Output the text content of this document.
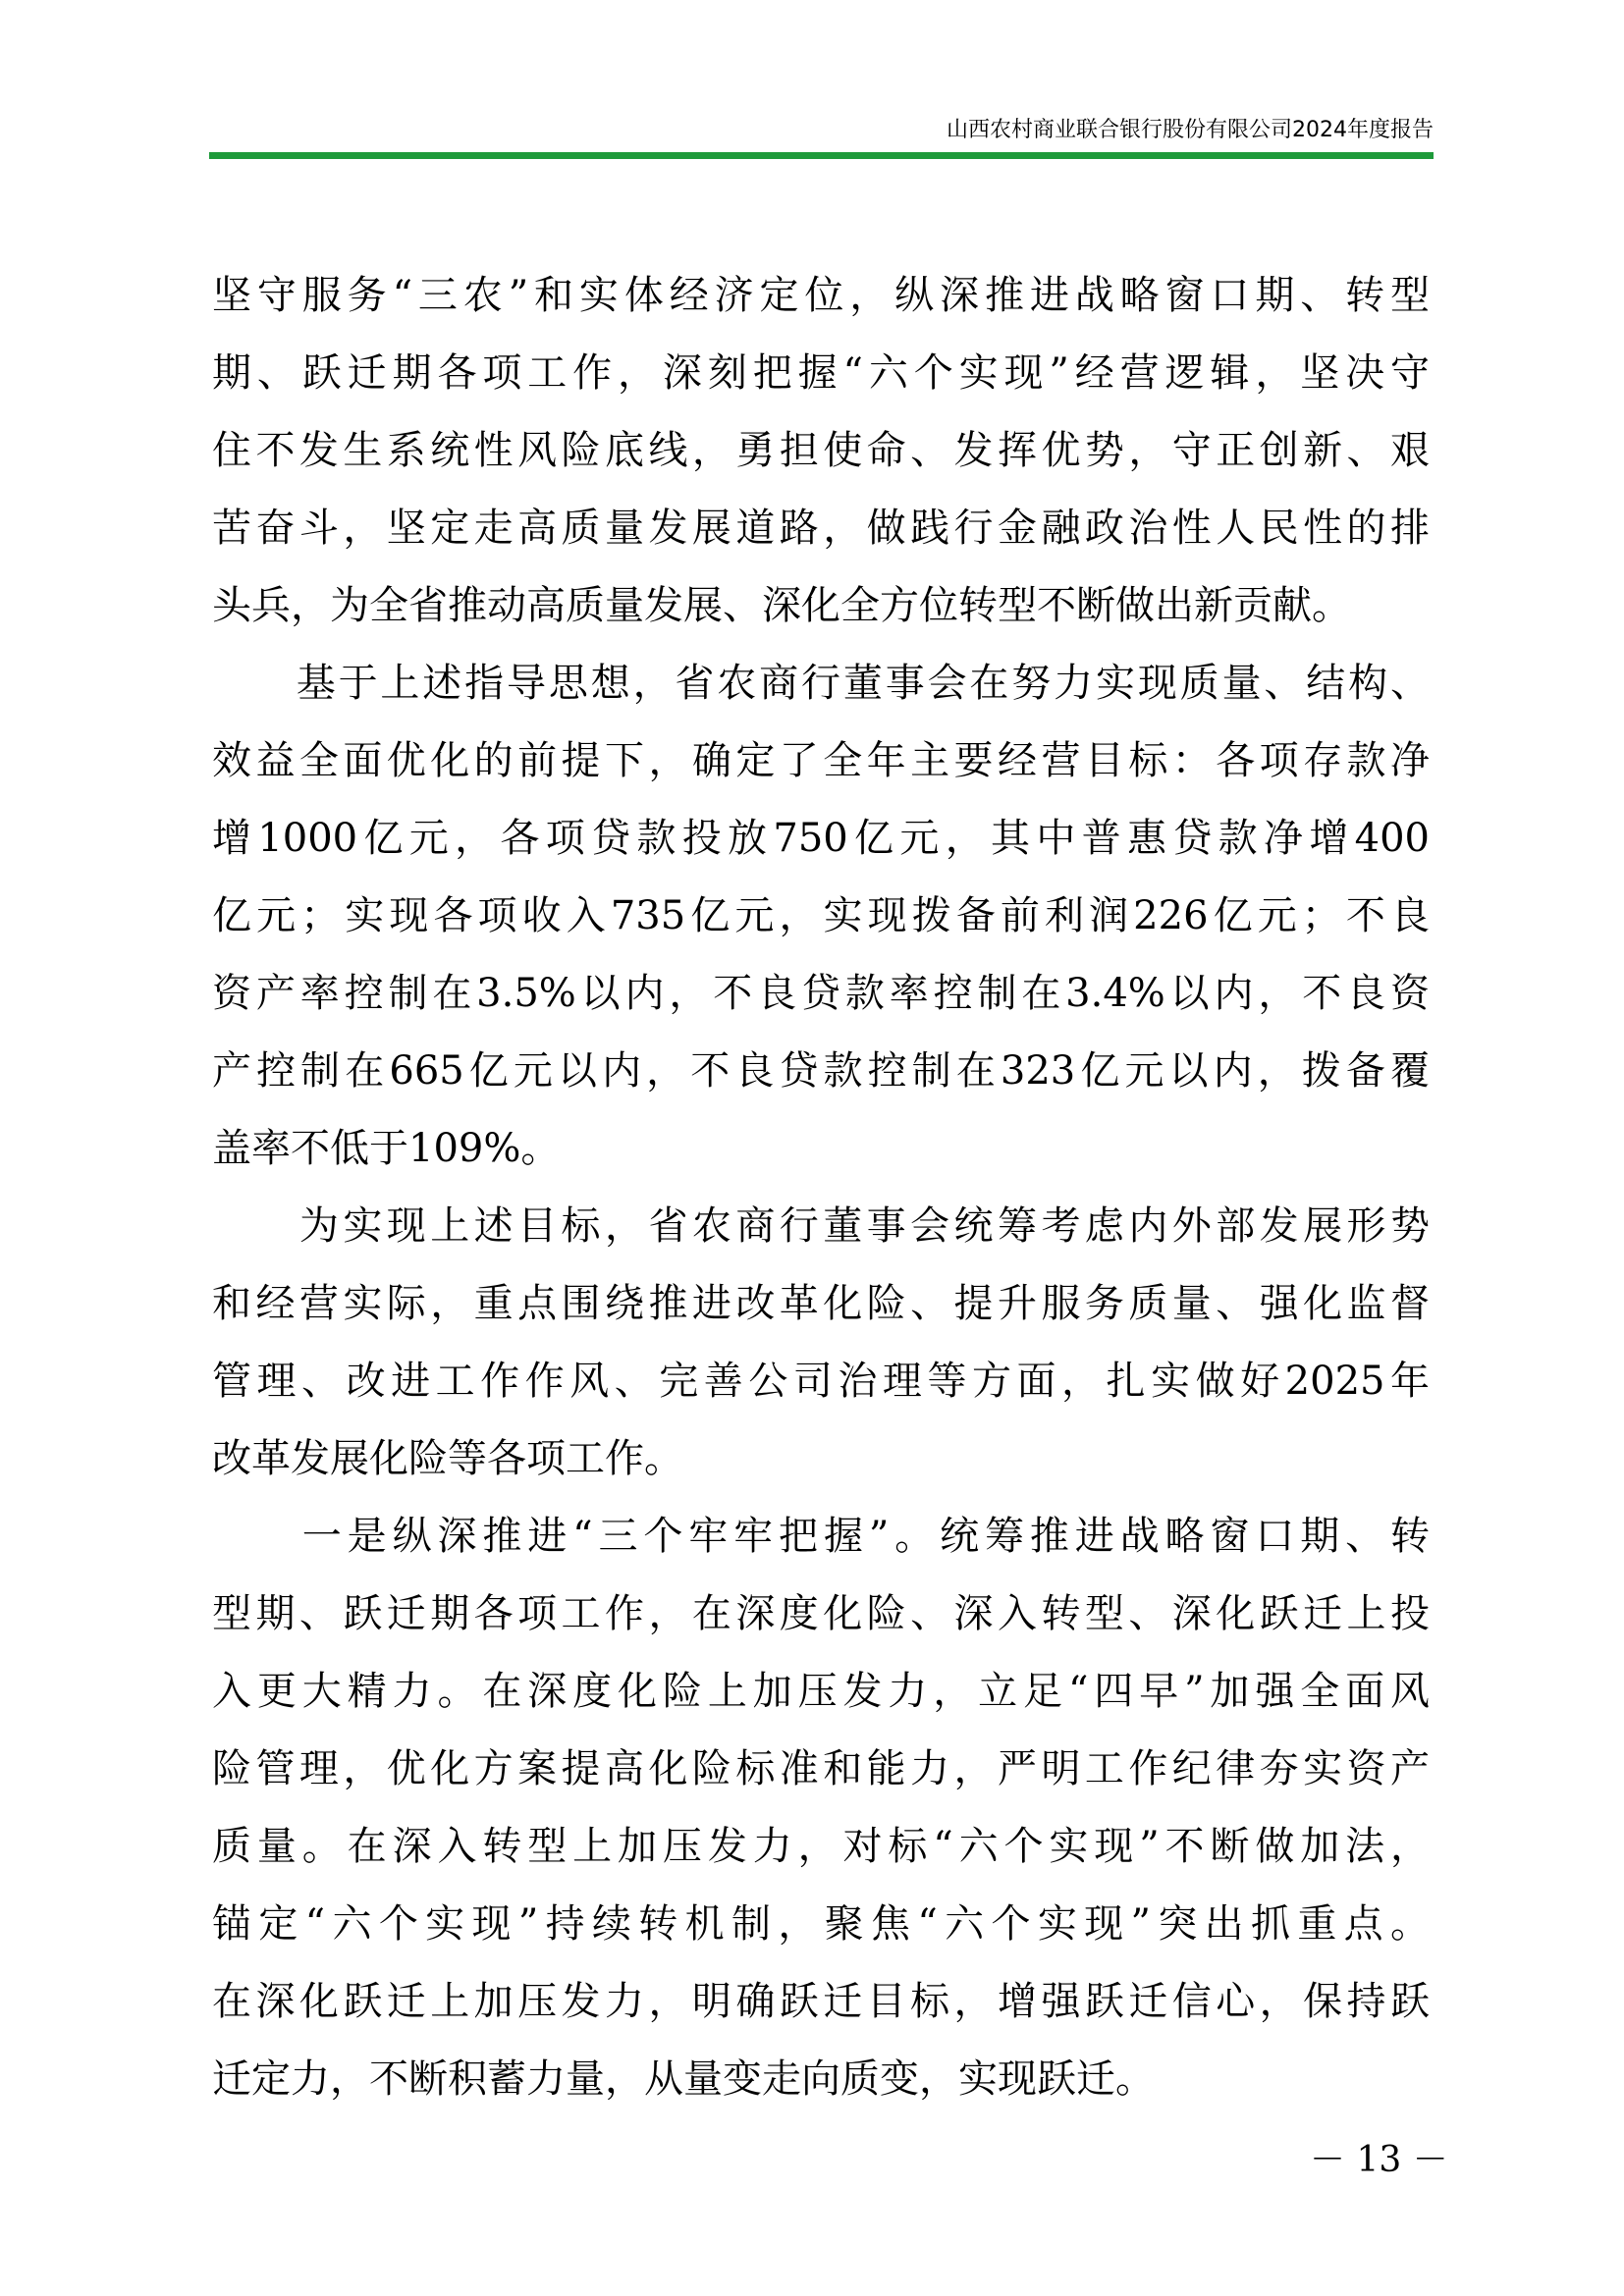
山西农村商业联合银行股份有限公司2024年度报告
坚守服务“三农”和实体经济定位，纵深推进战略窗口期、转型
期、跃迁期各项工作，深刻把握“六个实现”经营逻辑，坚决守
住不发生系统性风险底线，勇担使命、发挥优势，守正创新、艰
苦奋斗，坚定走高质量发展道路，做践行金融政治性人民性的排
头兵，为全省推动高质量发展、深化全方位转型不断做出新贡献。
　　基于上述指导思想，省农商行董事会在努力实现质量、结构、
效益全面优化的前提下，确定了全年主要经营目标：各项存款净
增1000亿元，各项贷款投放750亿元，其中普惠贷款净增400
亿元；实现各项收入735亿元，实现拨备前利润226亿元；不良
资产率控制在3.5%以内，不良贷款率控制在3.4%以内，不良资
产控制在665亿元以内，不良贷款控制在323亿元以内，拨备覆
盖率不低于109%。
　　为实现上述目标，省农商行董事会统筹考虑内外部发展形势
和经营实际，重点围绕推进改革化险、提升服务质量、强化监督
管理、改进工作作风、完善公司治理等方面，扎实做好2025年
改革发展化险等各项工作。
　　一是纵深推进“三个牢牢把握”。统筹推进战略窗口期、转
型期、跃迁期各项工作，在深度化险、深入转型、深化跃迁上投
入更大精力。在深度化险上加压发力，立足“四早”加强全面风
险管理，优化方案提高化险标准和能力，严明工作纪律夯实资产
质量。在深入转型上加压发力，对标“六个实现”不断做加法，
锚定“六个实现”持续转机制，聚焦“六个实现”突出抓重点。
在深化跃迁上加压发力，明确跃迁目标，增强跃迁信心，保持跃
迁定力，不断积蓄力量，从量变走向质变，实现跃迁。
－ 13 －
